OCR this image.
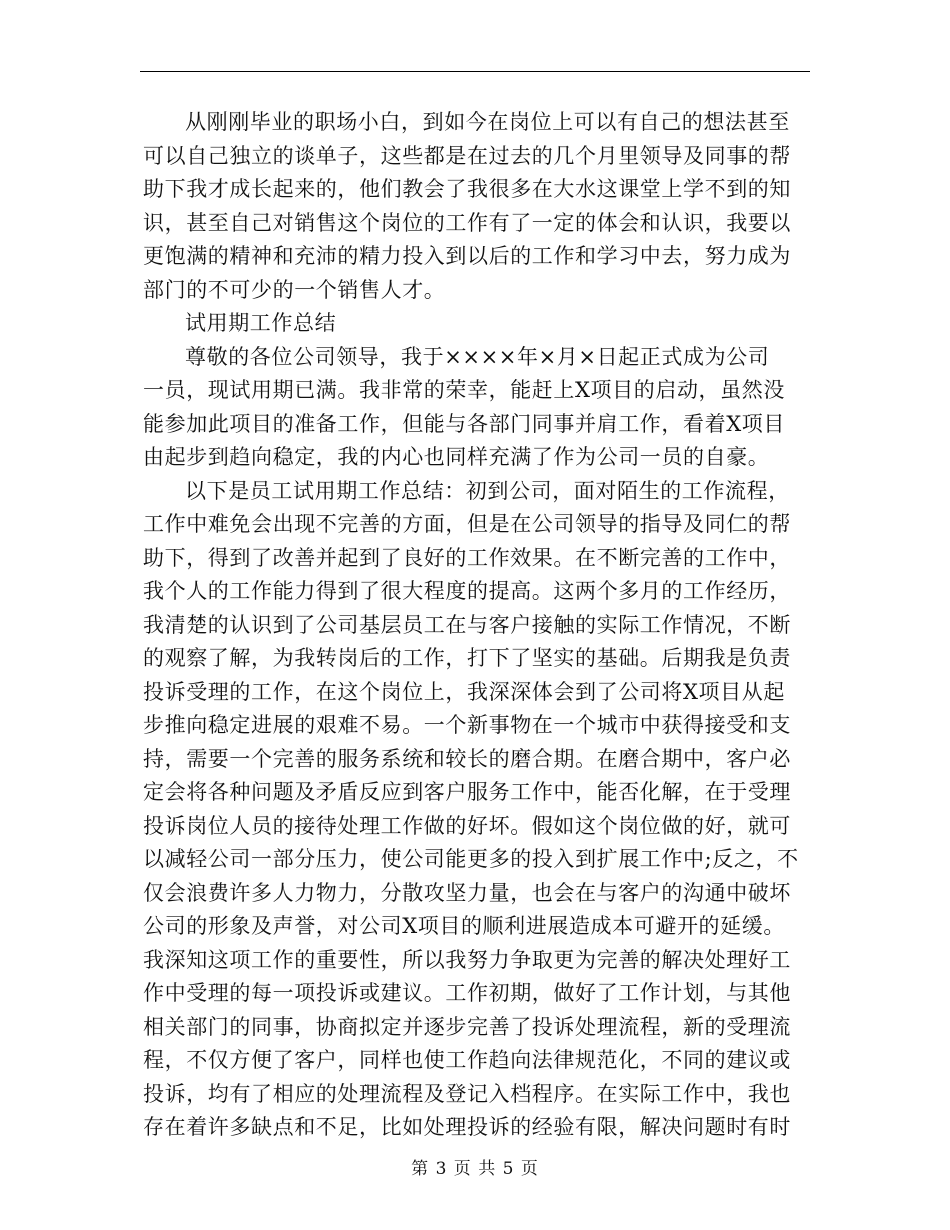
从刚刚毕业的职场小白，到如今在岗位上可以有自己的想法甚至
可以自己独立的谈单子，这些都是在过去的几个月里领导及同事的帮
助下我才成长起来的，他们教会了我很多在大水这课堂上学不到的知
识，甚至自己对销售这个岗位的工作有了一定的体会和认识，我要以
更饱满的精神和充沛的精力投入到以后的工作和学习中去，努力成为
部门的不可少的一个销售人才。
试用期工作总结
尊敬的各位公司领导，我于××××年×月×日起正式成为公司
一员，现试用期已满。我非常的荣幸，能赶上X项目的启动，虽然没
能参加此项目的准备工作，但能与各部门同事并肩工作，看着X项目
由起步到趋向稳定，我的内心也同样充满了作为公司一员的自豪。
以下是员工试用期工作总结：初到公司，面对陌生的工作流程，
工作中难免会出现不完善的方面，但是在公司领导的指导及同仁的帮
助下，得到了改善并起到了良好的工作效果。在不断完善的工作中，
我个人的工作能力得到了很大程度的提高。这两个多月的工作经历，
我清楚的认识到了公司基层员工在与客户接触的实际工作情况，不断
的观察了解，为我转岗后的工作，打下了坚实的基础。后期我是负责
投诉受理的工作，在这个岗位上，我深深体会到了公司将X项目从起
步推向稳定进展的艰难不易。一个新事物在一个城市中获得接受和支
持，需要一个完善的服务系统和较长的磨合期。在磨合期中，客户必
定会将各种问题及矛盾反应到客户服务工作中，能否化解，在于受理
投诉岗位人员的接待处理工作做的好坏。假如这个岗位做的好，就可
以减轻公司一部分压力，使公司能更多的投入到扩展工作中;反之，不
仅会浪费许多人力物力，分散攻坚力量，也会在与客户的沟通中破坏
公司的形象及声誉，对公司X项目的顺利进展造成本可避开的延缓。
我深知这项工作的重要性，所以我努力争取更为完善的解决处理好工
作中受理的每一项投诉或建议。工作初期，做好了工作计划，与其他
相关部门的同事，协商拟定并逐步完善了投诉处理流程，新的受理流
程，不仅方便了客户，同样也使工作趋向法律规范化，不同的建议或
投诉，均有了相应的处理流程及登记入档程序。在实际工作中，我也
存在着许多缺点和不足，比如处理投诉的经验有限，解决问题时有时
第 3 页 共 5 页
